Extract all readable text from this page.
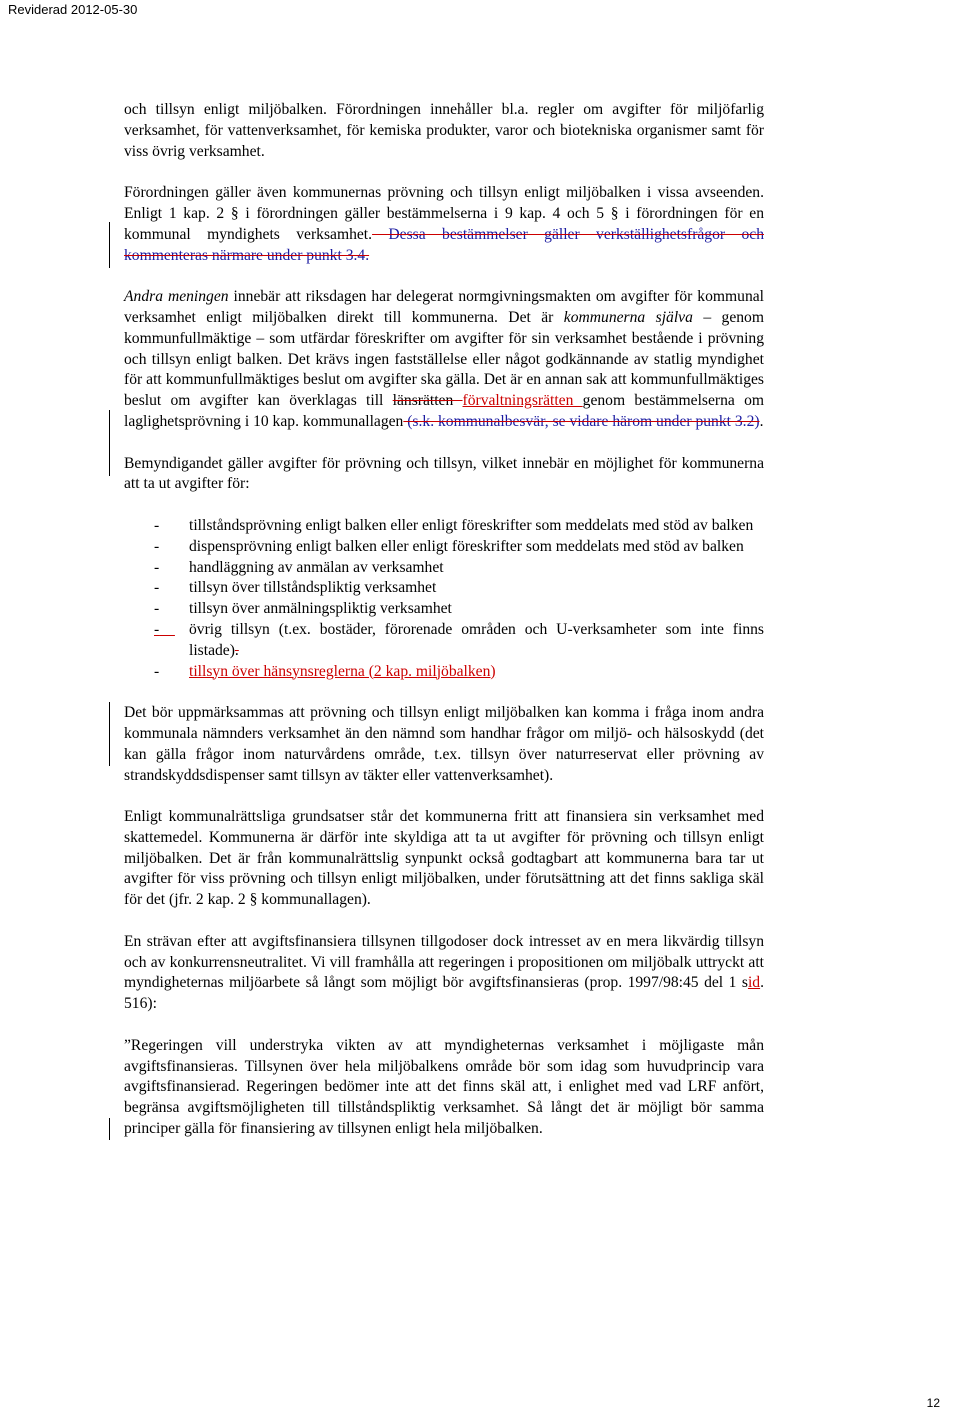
Reviderad 2012-05-30

och tillsyn enligt miljöbalken. Förordningen innehåller bl.a. regler om avgifter för miljöfarlig verksamhet, för vattenverksamhet, för kemiska produkter, varor och biotekniska organismer samt för viss övrig verksamhet.

Förordningen gäller även kommunernas prövning och tillsyn enligt miljöbalken i vissa avseenden. Enligt 1 kap. 2 § i förordningen gäller bestämmelserna i 9 kap. 4 och 5 § i förordningen för en kommunal myndighets verksamhet. Dessa bestämmelser gäller verkställighetsfrågor och kommenteras närmare under punkt 3.4.

Andra meningen innebär att riksdagen har delegerat normgivningsmakten om avgifter för kommunal verksamhet enligt miljöbalken direkt till kommunerna. Det är kommunerna själva – genom kommunfullmäktige – som utfärdar föreskrifter om avgifter för sin verksamhet bestående i prövning och tillsyn enligt balken. Det krävs ingen fastställelse eller något godkännande av statlig myndighet för att kommunfullmäktiges beslut om avgifter ska gälla. Det är en annan sak att kommunfullmäktiges beslut om avgifter kan överklagas till länsrätten förvaltningsrätten genom bestämmelserna om laglighetsprövning i 10 kap. kommunallagen (s.k. kommunalbesvär, se vidare härom under punkt 3.2).

Bemyndigandet gäller avgifter för prövning och tillsyn, vilket innebär en möjlighet för kommunerna att ta ut avgifter för:

- tillståndsprövning enligt balken eller enligt föreskrifter som meddelats med stöd av balken
- dispensprövning enligt balken eller enligt föreskrifter som meddelats med stöd av balken
- handläggning av anmälan av verksamhet
- tillsyn över tillståndspliktig verksamhet
- tillsyn över anmälningspliktig verksamhet
-	övrig tillsyn (t.ex. bostäder, förorenade områden och U-verksamheter som inte finns listade).
- tillsyn över hänsynsreglerna (2 kap. miljöbalken)

Det bör uppmärksammas att prövning och tillsyn enligt miljöbalken kan komma i fråga inom andra kommunala nämnders verksamhet än den nämnd som handhar frågor om miljö- och hälsoskydd (det kan gälla frågor inom naturvårdens område, t.ex. tillsyn över naturreservat eller prövning av strandskyddsdispenser samt tillsyn av täkter eller vattenverksamhet).

Enligt kommunalrättsliga grundsatser står det kommunerna fritt att finansiera sin verksamhet med skattemedel. Kommunerna är därför inte skyldiga att ta ut avgifter för prövning och tillsyn enligt miljöbalken. Det är från kommunalrättslig synpunkt också godtagbart att kommunerna bara tar ut avgifter för viss prövning och tillsyn enligt miljöbalken, under förutsättning att det finns sakliga skäl för det (jfr. 2 kap. 2 § kommunallagen).

En strävan efter att avgiftsfinansiera tillsynen tillgodoser dock intresset av en mera likvärdig tillsyn och av konkurrensneutralitet. Vi vill framhålla att regeringen i propositionen om miljöbalk uttryckt att myndigheternas miljöarbete så långt som möjligt bör avgiftsfinansieras (prop. 1997/98:45 del 1 sid. 516):

”Regeringen vill understryka vikten av att myndigheternas verksamhet i möjligaste mån avgiftsfinansieras. Tillsynen över hela miljöbalkens område bör som idag som huvudprincip vara avgiftsfinansierad. Regeringen bedömer inte att det finns skäl att, i enlighet med vad LRF anfört, begränsa avgiftsmöjligheten till tillståndspliktig verksamhet. Så långt det är möjligt bör samma principer gälla för finansiering av tillsynen enligt hela miljöbalken.

12
